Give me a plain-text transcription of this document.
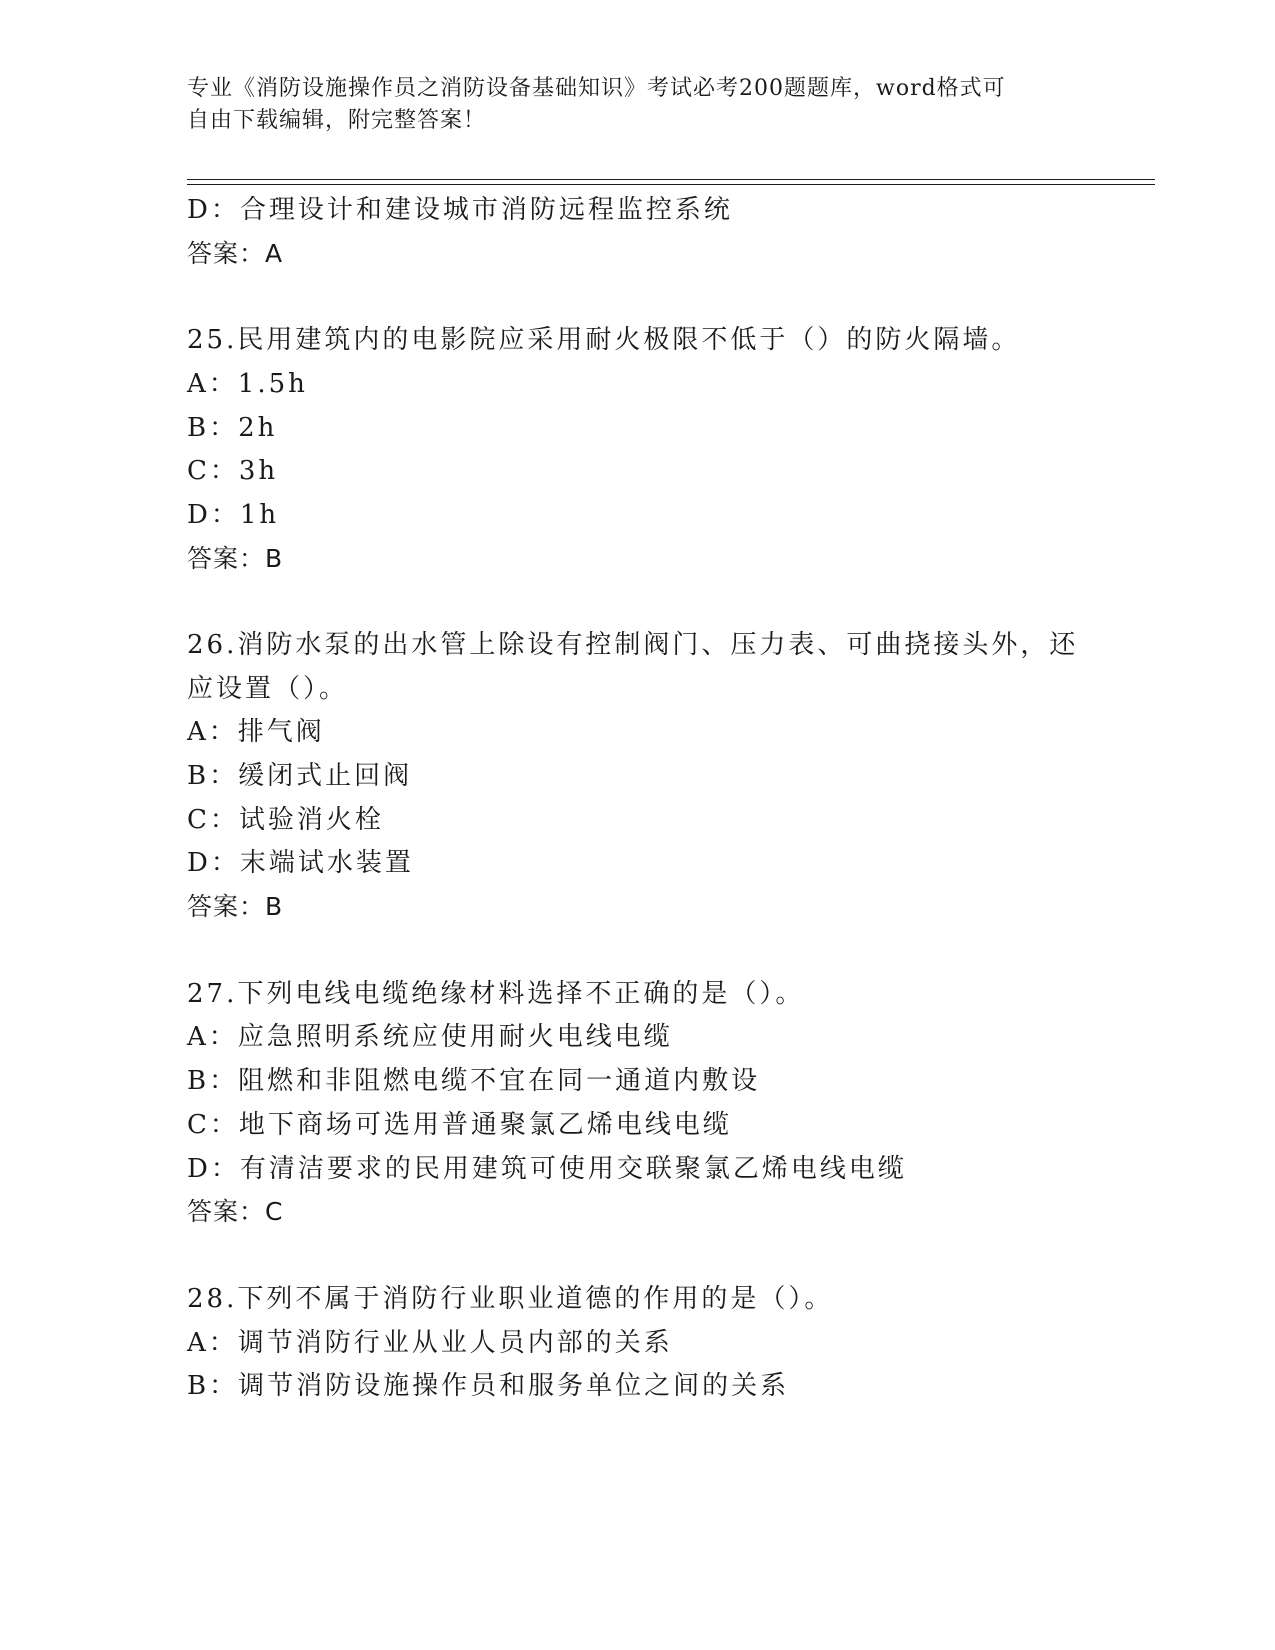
专业《消防设施操作员之消防设备基础知识》考试必考200题题库，word格式可
自由下载编辑，附完整答案！
D：合理设计和建设城市消防远程监控系统
答案：A
25.民用建筑内的电影院应采用耐火极限不低于（）的防火隔墙。
A：1.5h
B：2h
C：3h
D：1h
答案：B
26.消防水泵的出水管上除设有控制阀门、压力表、可曲挠接头外，还
应设置（）。
A：排气阀
B：缓闭式止回阀
C：试验消火栓
D：末端试水装置
答案：B
27.下列电线电缆绝缘材料选择不正确的是（）。
A：应急照明系统应使用耐火电线电缆
B：阻燃和非阻燃电缆不宜在同一通道内敷设
C：地下商场可选用普通聚氯乙烯电线电缆
D：有清洁要求的民用建筑可使用交联聚氯乙烯电线电缆
答案：C
28.下列不属于消防行业职业道德的作用的是（）。
A：调节消防行业从业人员内部的关系
B：调节消防设施操作员和服务单位之间的关系
